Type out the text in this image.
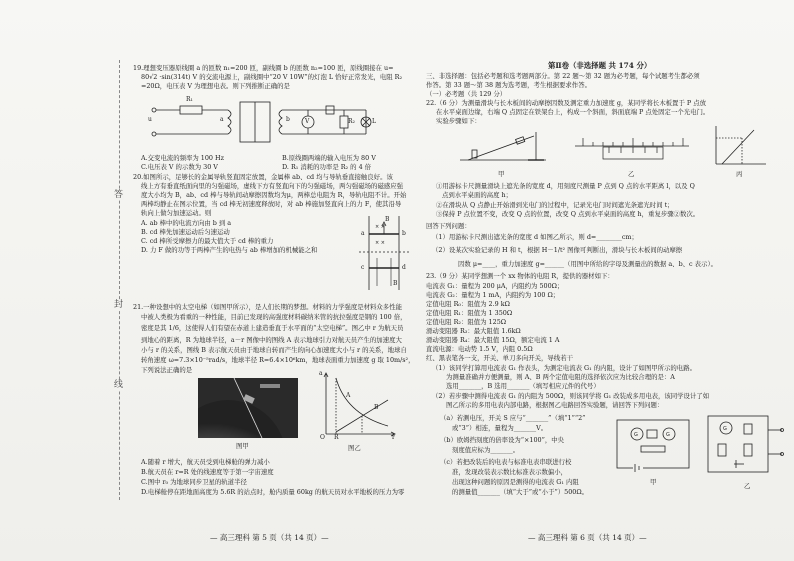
答
封
线
19.理想变压器原线圈 a 的匝数 n₁=200 匝，副线圈 b 的匝数 n₂=100 匝，原线圈接在 u=
80√2 ·sin(314t) V 的交流电源上，副线圈中“20 V 10W”的灯泡 L 恰好正常发光，电阻 R₂
=20Ω，电压表 V 为理想电表。则下列推断正确的是
u
R₁
a	b	V	R₂	L
A.交变电流的频率为 100 Hz	B.原线圈两端的输入电压为 80 V
C.电压表 V 的示数为 30 V	D. R₁ 消耗的功率是 R₂ 的 4 倍
20.如图所示，足够长的金属导轨竖直固定放置，金属棒 ab、cd 均与导轨垂直接触良好。该
线上方有垂直纸面向里的匀强磁场，虚线下方有竖直向下的匀强磁场，两匀强磁场的磁感应强
度大小均为 B，ab、cd 棒与导轨间动摩擦因数均为μ，两棒总电阻为 R，导轨电阻不计。开始
两棒均静止在图示位置，当 cd 棒无初速度释放时，对 ab 棒施加竖直向上的力 F，使其沿导
轨向上做匀加速运动。则
A. ab 棒中的电流方向由 b 到 a
B. cd 棒先加速运动后匀速运动
C. cd 棒所受摩擦力的最大值大于 cd 棒的重力
D. 力 F 做的功等于两棒产生的电热与 ab 棒增加的机械能之和
× ×
× ×
B
a	b
c	d
B
21.一种设想中的太空电梯（如图甲所示），是人们长期的梦想。材料的力学强度是材料众多性能
中被人类极为看重的一种性能，目前已发现的高强度材料碳纳米管的抗拉强度是钢的 100 倍，
密度是其 1/6，这使得人们有望在赤道上建造垂直于水平面的“太空电梯”。图乙中 r 为航天员
到地心的距离，R 为地球半径，a－r 图像中的图线 A 表示地球引力对航天员产生的加速度大
小与 r 的关系，图线 B 表示航天员由于地球自转而产生的向心加速度大小与 r 的关系，地球自
转角速度 ω=7.3×10⁻⁵rad/s，地球半径 R=6.4×10⁶km，地球表面重力加速度 g 取 10m/s²，
下列说法正确的是
图甲
a
r
A
B
O R
图乙
A.随着 r 增大，航天员受到电梯舱的弹力减小
B.航天员在 r=R 处的线速度等于第一宇宙速度
C.图中 r₀ 为地球同步卫星的轨道半径
D.电梯舱停在距地面高度为 5.6R 的站点时，舱内质量 60kg 的航天员对水平地板的压力为零
— 高三理科 第 5 页（共 14 页）—
第Ⅱ卷（非选择题 共 174 分）
三、非选择题：包括必考题和选考题两部分。第 22 题～第 32 题为必考题，每个试题考生都必须
作答。第 33 题～第 38 题为选考题，考生根据要求作答。
（一）必考题（共 129 分）
22.（6 分）为测量滑块与长木板间的动摩擦因数及测定重力加速度 g，某同学将长木板置于 P 点放
在水平桌面边缘，右端 Q 点固定在铁架台上，构成一个斜面，斜面底端 P 点处固定一个光电门。
实验步骤如下：
甲	乙	丙
①用游标卡尺测量滑块上遮光条的宽度 d，用刻度尺测量 P 点到 Q 点的水平距离 l，以及 Q
点到水平桌面的高度 h；
②在滑块从 Q 点静止开始滑到光电门的过程中，记录光电门时间遮光条遮光时间 t；
③保持 P 点位置不变，改变 Q 点的位置，改变 Q 点到水平桌面的高度 h，重复步骤②数次。
回答下列问题：
（1）用游标卡尺测出遮光条的宽度 d 如图乙所示，则 d=________cm；
（2）设某次实验记录的 H 和 t，根据 H－1/t² 图像可判断出，滑块与长木板间的动摩擦
因数 μ=____，重力加速度 g=______（用图中所给的字母及测量出的数据 a、b、c 表示）。
23.（9 分）某同学想测一个 xx 物体的电阻 R，提供的器材如下：
电流表 G₁：量程为 200 μA，内阻约为 500Ω；
电流表 G₂：量程为 1 mA，内阻约为 100 Ω；
定值电阻 R₀：阻值为 2.9 kΩ
定值电阻 R₁：阻值为 1 350Ω
定值电阻 R₂：阻值为 125Ω
滑动变阻器 R₃：最大阻值 1.6kΩ
滑动变阻器 R₄：最大阻值 15Ω，额定电流 1 A
直流电源：电动势 1.5 V，内阻 0.5Ω
红、黑表笔各一支，开关、单刀多向开关，导线若干
（1）该同学打算用电流表 G₁ 作表头，为测定电流表 G₁ 的内阻，设计了如图甲所示的电路。
为测量准确并方便测量，则 A、B 两个定值电阻的选择依次应为比较合理的是：A
选用_______，B 选用_______（填写相应元件的代号）
（2）若步骤中测得电流表 G₁ 的内阻为 500Ω，则该同学将 G₁ 改装成多用电表，该同学设计了如
图乙所示的多用电表内部电路，根据图乙电路回答实验题，请回答下列问题：
（a）若测电压，开关 S 应与“_______”（填“1”“2”
或“3”）相连，量程为_______V。
（b）欧姆挡刻度的倍率设为“×100”，中央
刻度值应标为_______。
（c）若把改装后的电表与标准电表串联进行校
准，发现改装表示数比标准表示数偏小，
出现这种问题的原因是测得的电流表 G₁ 内阻
的测量值_______（填“大于”或“小于”）500Ω。
G	G
甲
G
乙
— 高三理科 第 6 页（共 14 页）—
